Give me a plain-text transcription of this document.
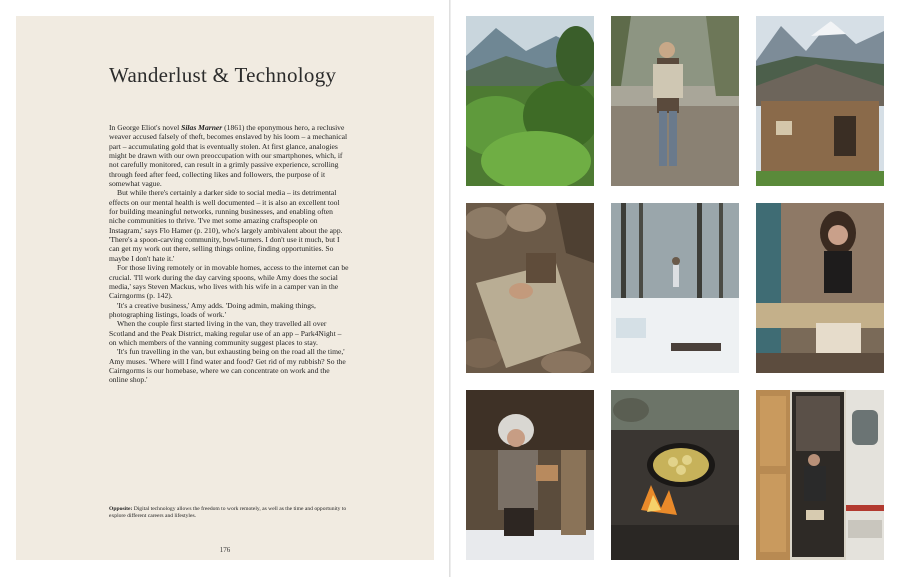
Wanderlust & Technology

In George Eliot's novel Silas Marner (1861) the eponymous hero, a reclusive weaver accused falsely of theft, becomes enslaved by his loom – a mechanical part – accumulating gold that is eventually stolen. At first glance, analogies might be drawn with our own preoccupation with our smartphones, which, if not carefully monitored, can result in a grimly passive experience, scrolling through feed after feed, collecting likes and followers, the purpose of it somewhat vague.

But while there's certainly a darker side to social media – its detrimental effects on our mental health is well documented – it is also an excellent tool for building meaningful networks, running businesses, and enabling often niche communities to thrive. 'I've met some amazing craftspeople on Instagram,' says Flo Hamer (p. 210), who's largely ambivalent about the app. 'There's a spoon-carving community, bowl-turners. I don't use it much, but I can get my work out there, selling things online, finding opportunities. So maybe I don't hate it.'

For those living remotely or in movable homes, access to the internet can be crucial. 'I'll work during the day carving spoons, while Amy does the social media,' says Steven Mackus, who lives with his wife in a camper van in the Cairngorms (p. 142).

'It's a creative business,' Amy adds. 'Doing admin, making things, photographing listings, loads of work.'

When the couple first started living in the van, they travelled all over Scotland and the Peak District, making regular use of an app – Park4Night – on which members of the vanning community suggest places to stay.

'It's fun travelling in the van, but exhausting being on the road all the time,' Amy muses. 'Where will I find water and food? Get rid of my rubbish? So the Cairngorms is our homebase, where we can concentrate on work and the online shop.'

Opposite: Digital technology allows the freedom to work remotely, as well as the time and opportunity to explore different careers and lifestyles.
176
